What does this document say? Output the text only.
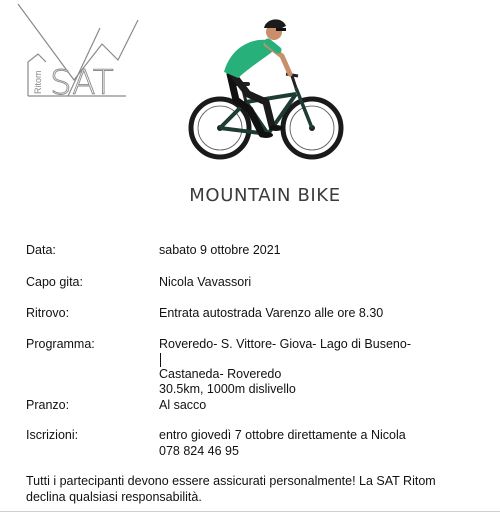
Ritom SAT
MOUNTAIN BIKE
Data:	sabato 9 ottobre 2021
Capo gita:	Nicola Vavassori
Ritrovo:	Entrata autostrada Varenzo alle ore 8.30
Programma:	Roveredo- S. Vittore- Giova- Lago di Buseno-
Castaneda- Roveredo
30.5km, 1000m dislivello
Pranzo:	Al sacco
Iscrizioni:	entro giovedì 7 ottobre direttamente a Nicola
078 824 46 95
Tutti i partecipanti devono essere assicurati personalmente! La SAT Ritom declina qualsiasi responsabilità.
